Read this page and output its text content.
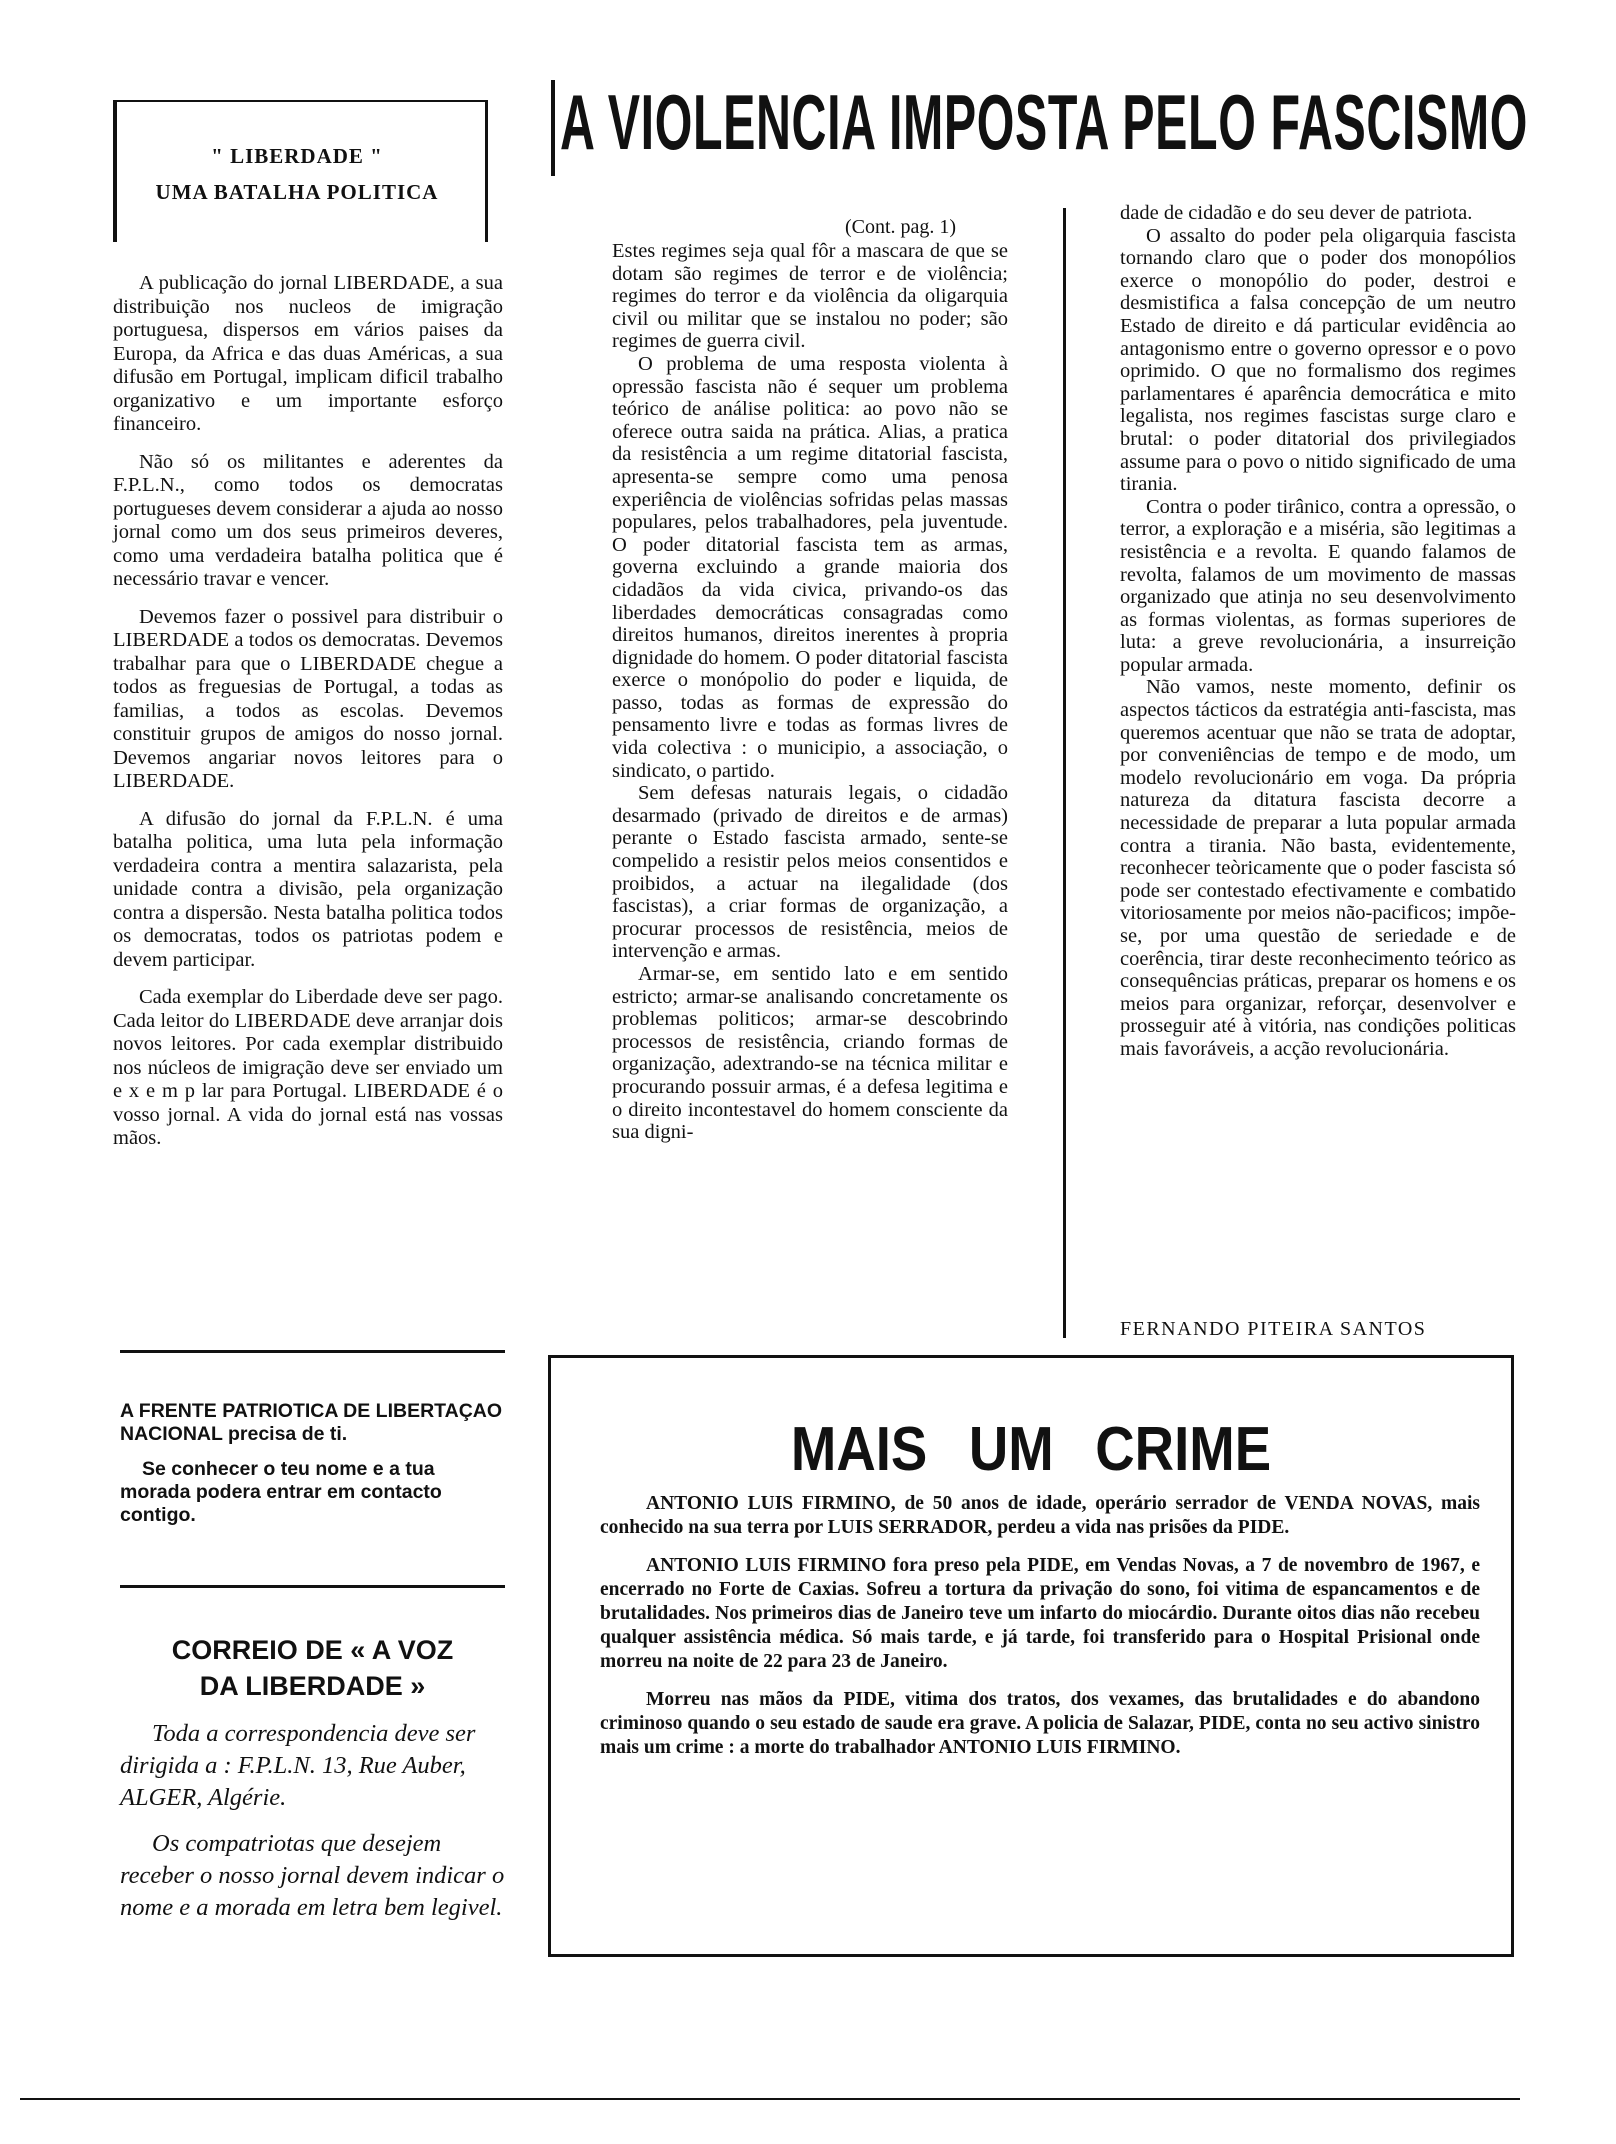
" LIBERDADE "
UMA BATALHA POLITICA

A publicação do jornal LIBERDADE, a sua distribuição nos nucleos de imigração portuguesa, dispersos em vários paises da Europa, da Africa e das duas Américas, a sua difusão em Portugal, implicam dificil trabalho organizativo e um importante esforço financeiro.

Não só os militantes e aderentes da F.P.L.N., como todos os democratas portugueses devem considerar a ajuda ao nosso jornal como um dos seus primeiros deveres, como uma verdadeira batalha politica que é necessário travar e vencer.

Devemos fazer o possivel para distribuir o LIBERDADE a todos os democratas. Devemos trabalhar para que o LIBERDADE chegue a todos as freguesias de Portugal, a todas as familias, a todos as escolas. Devemos constituir grupos de amigos do nosso jornal. Devemos angariar novos leitores para o LIBERDADE.

A difusão do jornal da F.P.L.N. é uma batalha politica, uma luta pela informação verdadeira contra a mentira salazarista, pela unidade contra a divisão, pela organização contra a dispersão. Nesta batalha politica todos os democratas, todos os patriotas podem e devem participar.

Cada exemplar do Liberdade deve ser pago. Cada leitor do LIBERDADE deve arranjar dois novos leitores. Por cada exemplar distribuido nos núcleos de imigração deve ser enviado um e x e m p lar para Portugal. LIBERDADE é o vosso jornal. A vida do jornal está nas vossas mãos.

A FRENTE PATRIOTICA DE LIBERTAÇAO NACIONAL precisa de ti.

Se conhecer o teu nome e a tua morada podera entrar em contacto contigo.

CORREIO DE « A VOZ
DA LIBERDADE »

Toda a correspondencia deve ser dirigida a : F.P.L.N. 13, Rue Auber, ALGER, Algérie.

Os compatriotas que desejem receber o nosso jornal devem indicar o nome e a morada em letra bem legivel.

A VIOLENCIA IMPOSTA PELO FASCISMO
(Cont. pag. 1)

Estes regimes seja qual fôr a mascara de que se dotam são regimes de terror e de violência; regimes do terror e da violência da oligarquia civil ou militar que se instalou no poder; são regimes de guerra civil.

O problema de uma resposta violenta à opressão fascista não é sequer um problema teórico de análise politica: ao povo não se oferece outra saida na prática. Alias, a pratica da resistência a um regime ditatorial fascista, apresenta-se sempre como uma penosa experiência de violências sofridas pelas massas populares, pelos trabalhadores, pela juventude. O poder ditatorial fascista tem as armas, governa excluindo a grande maioria dos cidadãos da vida civica, privando-os das liberdades democráticas consagradas como direitos humanos, direitos inerentes à propria dignidade do homem. O poder ditatorial fascista exerce o monópolio do poder e liquida, de passo, todas as formas de expressão do pensamento livre e todas as formas livres de vida colectiva : o municipio, a associação, o sindicato, o partido.

Sem defesas naturais legais, o cidadão desarmado (privado de direitos e de armas) perante o Estado fascista armado, sente-se compelido a resistir pelos meios consentidos e proibidos, a actuar na ilegalidade (dos fascistas), a criar formas de organização, a procurar processos de resistência, meios de intervenção e armas.

Armar-se, em sentido lato e em sentido estricto; armar-se analisando concretamente os problemas politicos; armar-se descobrindo processos de resistência, criando formas de organização, adextrando-se na técnica militar e procurando possuir armas, é a defesa legitima e o direito incontestavel do homem consciente da sua digni-

dade de cidadão e do seu dever de patriota.

O assalto do poder pela oligarquia fascista tornando claro que o poder dos monopólios exerce o monopólio do poder, destroi e desmistifica a falsa concepção de um neutro Estado de direito e dá particular evidência ao antagonismo entre o governo opressor e o povo oprimido. O que no formalismo dos regimes parlamentares é aparência democrática e mito legalista, nos regimes fascistas surge claro e brutal: o poder ditatorial dos privilegiados assume para o povo o nitido significado de uma tirania.

Contra o poder tirânico, contra a opressão, o terror, a exploração e a miséria, são legitimas a resistência e a revolta. E quando falamos de revolta, falamos de um movimento de massas organizado que atinja no seu desenvolvimento as formas violentas, as formas superiores de luta: a greve revolucionária, a insurreição popular armada.

Não vamos, neste momento, definir os aspectos tácticos da estratégia anti-fascista, mas queremos acentuar que não se trata de adoptar, por conveniências de tempo e de modo, um modelo revolucionário em voga. Da própria natureza da ditatura fascista decorre a necessidade de preparar a luta popular armada contra a tirania. Não basta, evidentemente, reconhecer teòricamente que o poder fascista só pode ser contestado efectivamente e combatido vitoriosamente por meios não-pacificos; impõe-se, por uma questão de seriedade e de coerência, tirar deste reconhecimento teórico as consequências práticas, preparar os homens e os meios para organizar, reforçar, desenvolver e prosseguir até à vitória, nas condições politicas mais favoráveis, a acção revolucionária.

FERNANDO PITEIRA SANTOS
MAIS UM CRIME

ANTONIO LUIS FIRMINO, de 50 anos de idade, operário serrador de VENDA NOVAS, mais conhecido na sua terra por LUIS SERRADOR, perdeu a vida nas prisões da PIDE.

ANTONIO LUIS FIRMINO fora preso pela PIDE, em Vendas Novas, a 7 de novembro de 1967, e encerrado no Forte de Caxias. Sofreu a tortura da privação do sono, foi vitima de espancamentos e de brutalidades. Nos primeiros dias de Janeiro teve um infarto do miocárdio. Durante oitos dias não recebeu qualquer assistência médica. Só mais tarde, e já tarde, foi transferido para o Hospital Prisional onde morreu na noite de 22 para 23 de Janeiro.

Morreu nas mãos da PIDE, vitima dos tratos, dos vexames, das brutalidades e do abandono criminoso quando o seu estado de saude era grave. A policia de Salazar, PIDE, conta no seu activo sinistro mais um crime : a morte do trabalhador ANTONIO LUIS FIRMINO.
